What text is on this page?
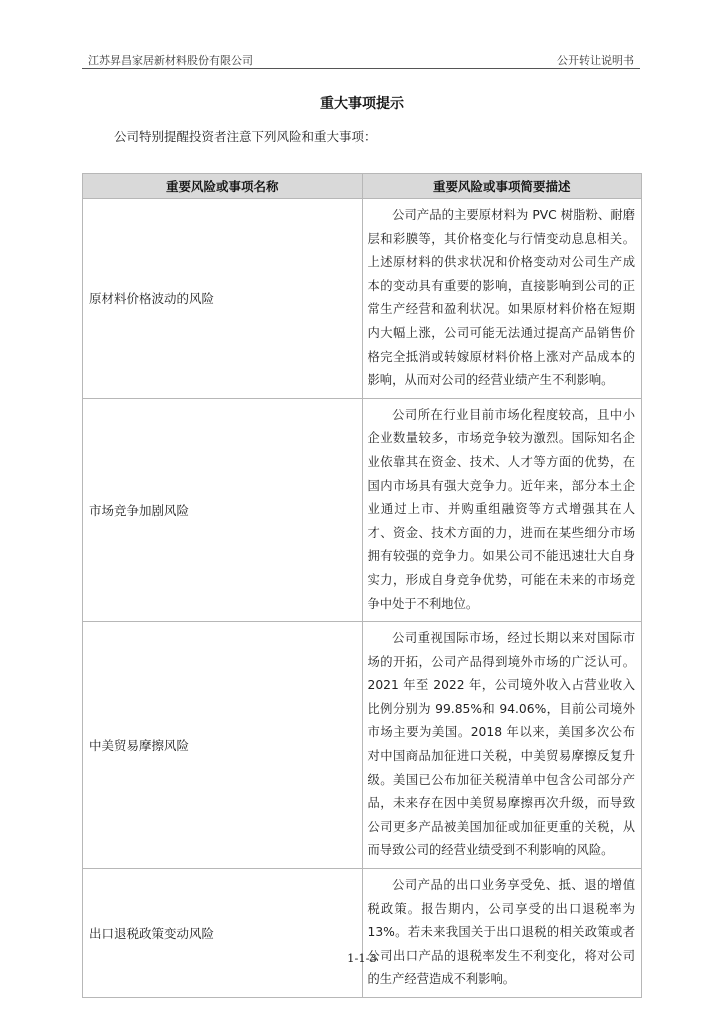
江苏昇昌家居新材料股份有限公司	公开转让说明书
重大事项提示
公司特别提醒投资者注意下列风险和重大事项：
重要风险或事项名称	重要风险或事项简要描述
原材料价格波动的风险	公司产品的主要原材料为 PVC 树脂粉、耐磨层和彩膜等，其价格变化与行情变动息息相关。上述原材料的供求状况和价格变动对公司生产成本的变动具有重要的影响，直接影响到公司的正常生产经营和盈利状况。如果原材料价格在短期内大幅上涨，公司可能无法通过提高产品销售价格完全抵消或转嫁原材料价格上涨对产品成本的影响，从而对公司的经营业绩产生不利影响。
市场竞争加剧风险	公司所在行业目前市场化程度较高，且中小企业数量较多，市场竞争较为激烈。国际知名企业依靠其在资金、技术、人才等方面的优势，在国内市场具有强大竞争力。近年来，部分本土企业通过上市、并购重组融资等方式增强其在人才、资金、技术方面的力，进而在某些细分市场拥有较强的竞争力。如果公司不能迅速壮大自身实力，形成自身竞争优势，可能在未来的市场竞争中处于不利地位。
中美贸易摩擦风险	公司重视国际市场，经过长期以来对国际市场的开拓，公司产品得到境外市场的广泛认可。2021 年至 2022 年，公司境外收入占营业收入比例分别为 99.85%和 94.06%，目前公司境外市场主要为美国。2018 年以来，美国多次公布对中国商品加征进口关税，中美贸易摩擦反复升级。美国已公布加征关税清单中包含公司部分产品，未来存在因中美贸易摩擦再次升级，而导致公司更多产品被美国加征或加征更重的关税，从而导致公司的经营业绩受到不利影响的风险。
出口退税政策变动风险	公司产品的出口业务享受免、抵、退的增值税政策。报告期内，公司享受的出口退税率为 13%。若未来我国关于出口退税的相关政策或者公司出口产品的退税率发生不利变化，将对公司的生产经营造成不利影响。
1-1-3
